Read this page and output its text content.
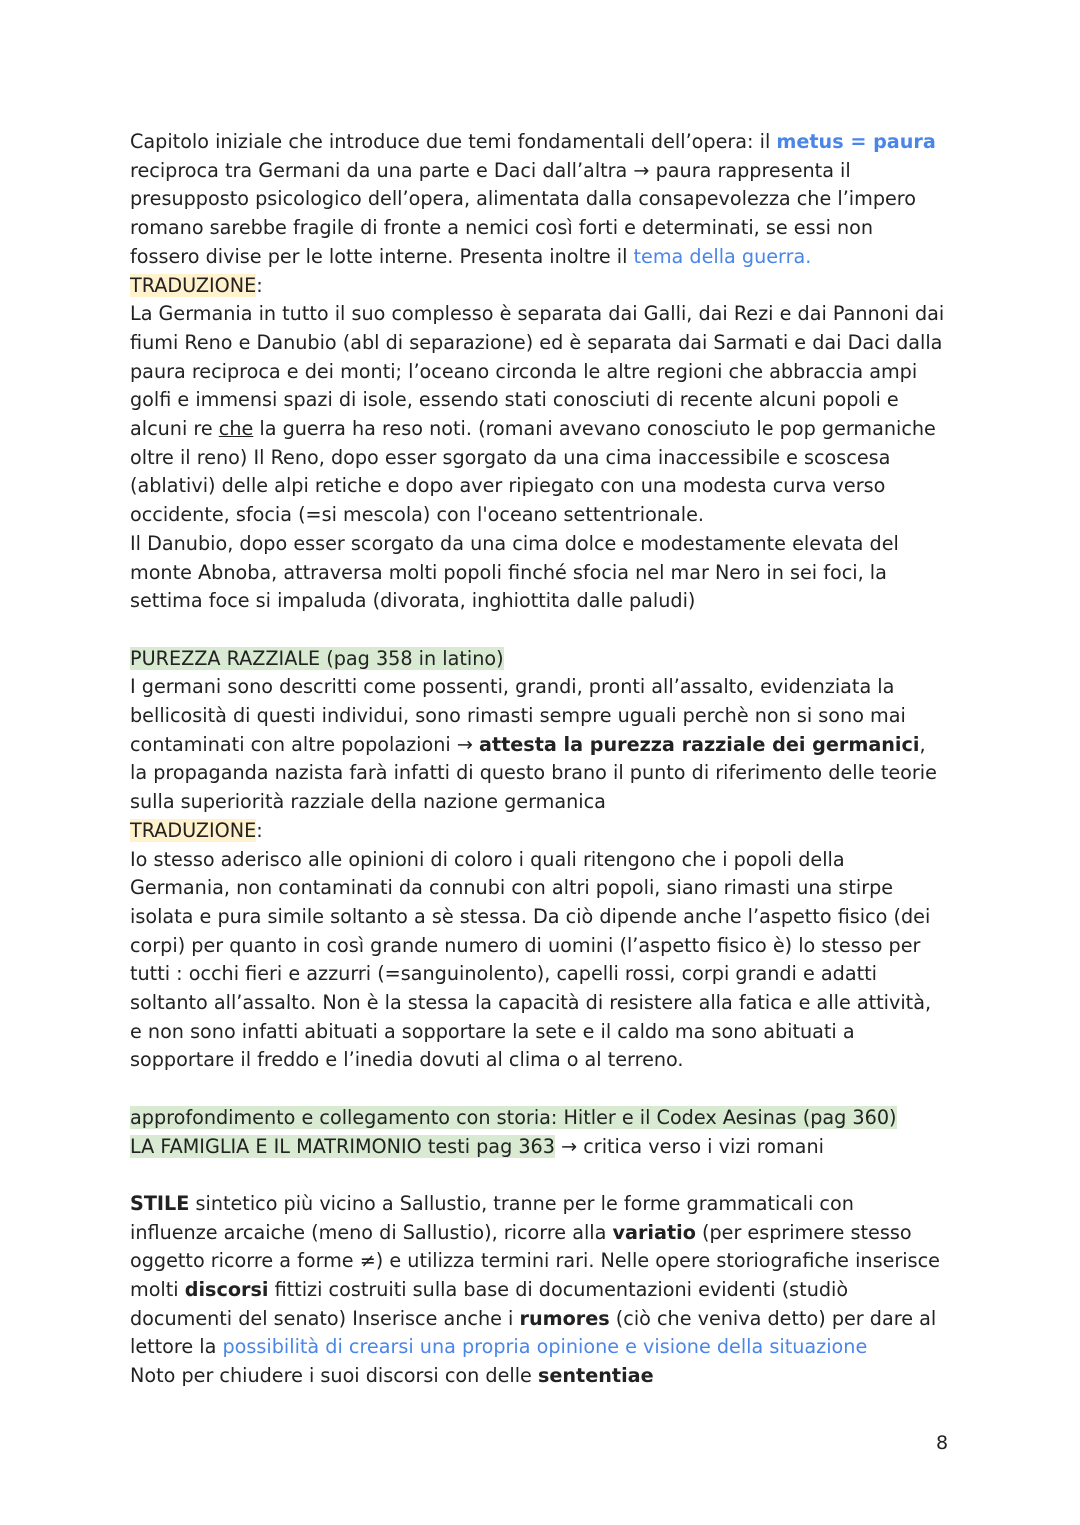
Capitolo iniziale che introduce due temi fondamentali dell’opera: il metus = paura reciproca tra Germani da una parte e Daci dall’altra → paura rappresenta il presupposto psicologico dell’opera, alimentata dalla consapevolezza che l’impero romano sarebbe fragile di fronte a nemici così forti e determinati, se essi non fossero divise per le lotte interne. Presenta inoltre il tema della guerra.

TRADUZIONE:

La Germania in tutto il suo complesso è separata dai Galli, dai Rezi e dai Pannoni dai fiumi Reno e Danubio (abl di separazione) ed è separata dai Sarmati e dai Daci dalla paura reciproca e dei monti; l’oceano circonda le altre regioni che abbraccia ampi golfi e immensi spazi di isole, essendo stati conosciuti di recente alcuni popoli e alcuni re che la guerra ha reso noti. (romani avevano conosciuto le pop germaniche oltre il reno) Il Reno, dopo esser sgorgato da una cima inaccessibile e scoscesa (ablativi) delle alpi retiche e dopo aver ripiegato con una modesta curva verso occidente, sfocia (=si mescola) con l'oceano settentrionale.

Il Danubio, dopo esser scorgato da una cima dolce e modestamente elevata del monte Abnoba, attraversa molti popoli finché sfocia nel mar Nero in sei foci, la settima foce si impaluda (divorata, inghiottita dalle paludi)

PUREZZA RAZZIALE (pag 358 in latino)

I germani sono descritti come possenti, grandi, pronti all’assalto, evidenziata la bellicosità di questi individui, sono rimasti sempre uguali perchè non si sono mai contaminati con altre popolazioni → attesta la purezza razziale dei germanici, la propaganda nazista farà infatti di questo brano il punto di riferimento delle teorie sulla superiorità razziale della nazione germanica

TRADUZIONE:

Io stesso aderisco alle opinioni di coloro i quali ritengono che i popoli della Germania, non contaminati da connubi con altri popoli, siano rimasti una stirpe isolata e pura simile soltanto a sè stessa. Da ciò dipende anche l’aspetto fisico (dei corpi) per quanto in così grande numero di uomini (l’aspetto fisico è) lo stesso per tutti : occhi fieri e azzurri (=sanguinolento), capelli rossi, corpi grandi e adatti soltanto all’assalto. Non è la stessa la capacità di resistere alla fatica e alle attività, e non sono infatti abituati a sopportare la sete e il caldo ma sono abituati a sopportare il freddo e l’inedia dovuti al clima o al terreno.

approfondimento e collegamento con storia: Hitler e il Codex Aesinas (pag 360)

LA FAMIGLIA E IL MATRIMONIO testi pag 363 → critica verso i vizi romani

STILE sintetico più vicino a Sallustio, tranne per le forme grammaticali con influenze arcaiche (meno di Sallustio), ricorre alla variatio (per esprimere stesso oggetto ricorre a forme ≠) e utilizza termini rari. Nelle opere storiografiche inserisce molti discorsi fittizi costruiti sulla base di documentazioni evidenti (studiò documenti del senato) Inserisce anche i rumores (ciò che veniva detto) per dare al lettore la possibilità di crearsi una propria opinione e visione della situazione

Noto per chiudere i suoi discorsi con delle sententiae

8
